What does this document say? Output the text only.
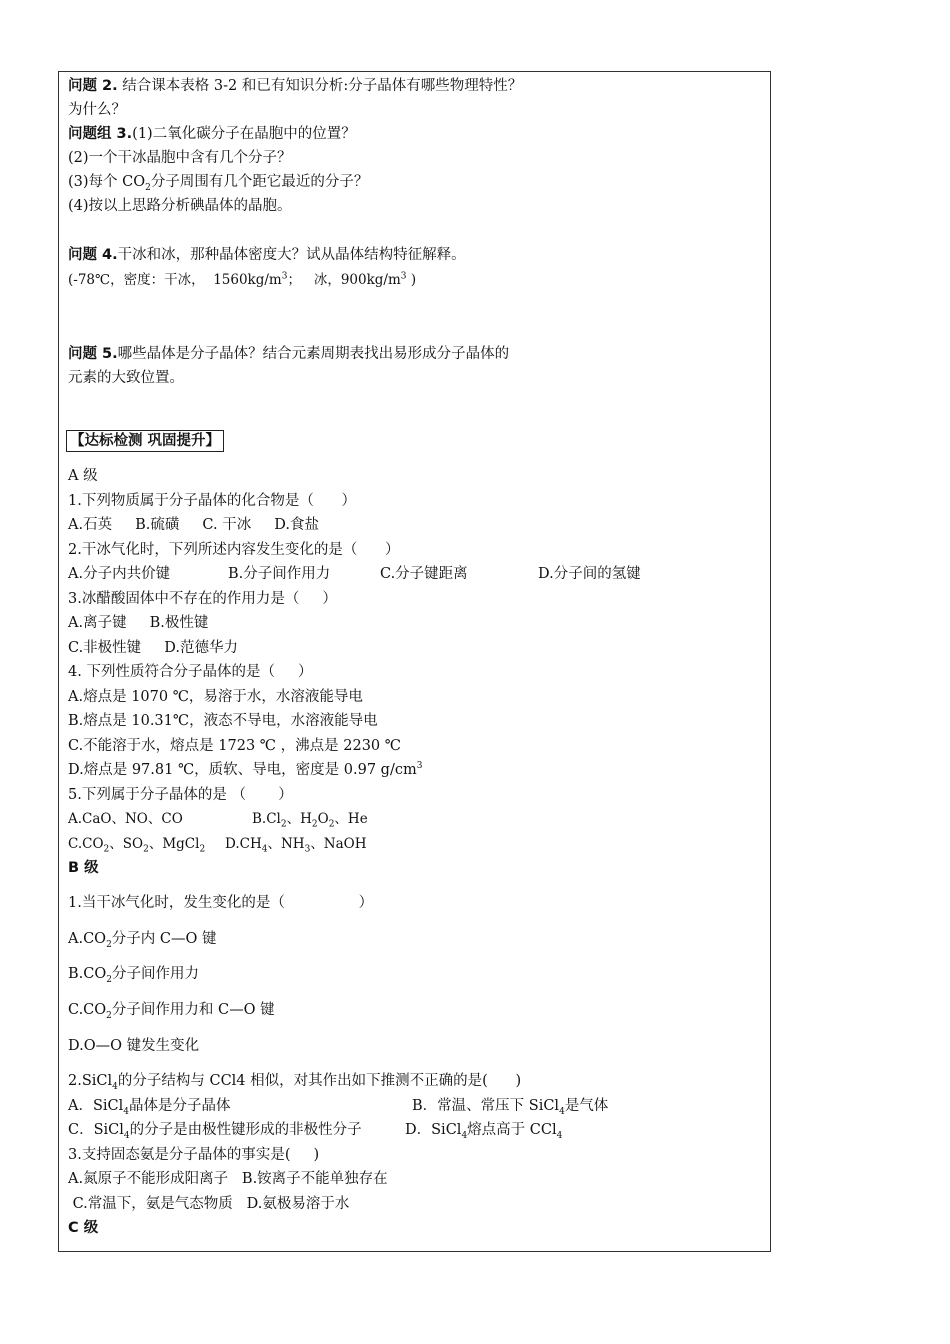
问题 2. 结合课本表格 3-2 和已有知识分析:分子晶体有哪些物理特性？
为什么？
问题组 3.(1)二氧化碳分子在晶胞中的位置？
(2)一个干冰晶胞中含有几个分子？
(3)每个 $CO_2$分子周围有几个距它最近的分子？
(4)按以上思路分析碘晶体的晶胞。
问题 4.干冰和冰，那种晶体密度大？试从晶体结构特征解释。
(-78℃，密度：干冰，  $1560kg/m^3$；   冰，$900kg/m^3$ )
问题 5.哪些晶体是分子晶体？结合元素周期表找出易形成分子晶体的
元素的大致位置。
【达标检测 巩固提升】
A 级
1.下列物质属于分子晶体的化合物是（      ）
A.石英     B.硫磺     C. 干冰     D.食盐
2.干冰气化时，下列所述内容发生变化的是（      ）
A.分子内共价键	B.分子间作用力	C.分子键距离	D.分子间的氢键
3.冰醋酸固体中不存在的作用力是（     ）
A.离子键     B.极性键
C.非极性键     D.范德华力
4. 下列性质符合分子晶体的是（     ）
A.熔点是 1070 ℃，易溶于水，水溶液能导电
B.熔点是 10.31℃，液态不导电，水溶液能导电
C.不能溶于水，熔点是 1723 ℃ ，沸点是 2230 ℃
D.熔点是 97.81 ℃，质软、导电，密度是 0.97 $g/cm^3$
5.下列属于分子晶体的是 （       ）
A.CaO、NO、CO	$B.Cl_2$、$H_2O_2$、He
$C.CO_2$、$SO_2$、MgCl$_2$ $D.CH_4$、$NH_3$、NaOH
B 级
1.当干冰气化时，发生变化的是（                ）
$A.CO_2$分子内 C—O 键
$B.CO_2$分子间作用力
$C.CO_2$分子间作用力和 C—O 键
D.O—O 键发生变化
2.SiCl$_4$的分子结构与 CCl4 相似，对其作出如下推测不正确的是(      )
A．SiCl$_4$晶体是分子晶体	B．常温、常压下 SiCl$_4$是气体
C．SiCl$_4$的分子是由极性键形成的非极性分子	D．SiCl$_4$熔点高于 CCl$_4$
3.支持固态氨是分子晶体的事实是(     )
A.氮原子不能形成阳离子   B.铵离子不能单独存在
C.常温下，氨是气态物质   D.氨极易溶于水
C 级
